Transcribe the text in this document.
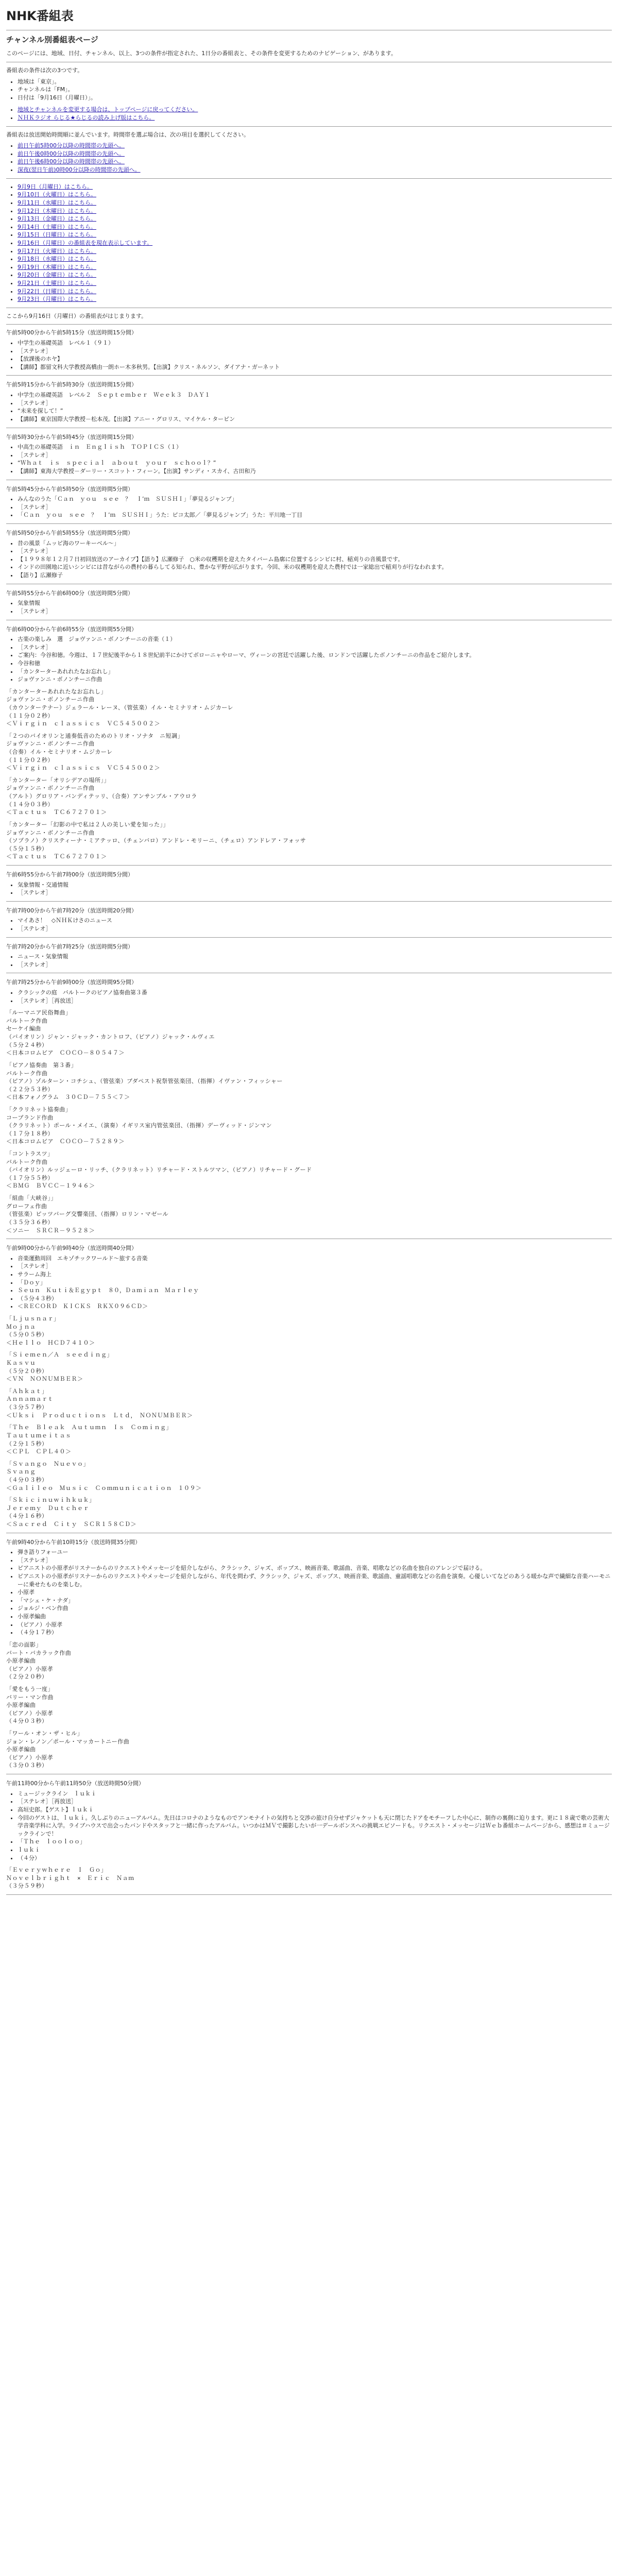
NHK番組表
チャンネル別番組表ページ

このページには、地域、日付、チャンネル、以上、3つの条件が指定された、1日分の番組表と、その条件を変更するためのナビゲーション、があります。

番組表の条件は次の3つです。

• 地域は「東京」。
• チャンネルは「FM」。
• 日付は「9月16日（月曜日）」。
• 地域とチャンネルを変更する場合は、トップページに戻ってください。
• ＮＨＫラジオ らじる★らじるの読み上げ版はこちら。

番組表は放送開始時間順に並んでいます。時間帯を選ぶ場合は、次の項目を選択してください。

• 前日午前5時00分以降の時間帯の先頭へ。
• 前日午後0時00分以降の時間帯の先頭へ。
• 前日午後6時00分以降の時間帯の先頭へ。
• 深夜(翌日午前)0時00分以降の時間帯の先頭へ。
• 9月9日（月曜日）はこちら。
• 9月10日（火曜日）はこちら。
• 9月11日（水曜日）はこちら。
• 9月12日（木曜日）はこちら。
• 9月13日（金曜日）はこちら。
• 9月14日（土曜日）はこちら。
• 9月15日（日曜日）はこちら。
• 9月16日（月曜日）の番組表を現在表示しています。
• 9月17日（火曜日）はこちら。
• 9月18日（水曜日）はこちら。
• 9月19日（木曜日）はこちら。
• 9月20日（金曜日）はこちら。
• 9月21日（土曜日）はこちら。
• 9月22日（日曜日）はこちら。
• 9月23日（月曜日）はこちら。

ここから9月16日（月曜日）の番組表がはじまります。

午前5時00分から午前5時15分（放送時間15分間）

• 中学生の基礎英語　レベル１（９１）
• ［ステレオ］
• 【放課後のホヤ】
• 【講師】都留文科大学教授高橋由一朗ホー木多秋男。【出演】クリス・ネルソン、ダイアナ・ガーネット

午前5時15分から午前5時30分（放送時間15分間）

• 中学生の基礎英語　レベル２　Ｓｅｐｔｅｍｂｅｒ　Ｗｅｅｋ３　ＤＡＹ１
• ［ステレオ］
• “未来を探して！”
• 【講師】東京国際大学教授－松本茂。【出演】アニー・グロリス、マイケル・ターピン

午前5時30分から午前5時45分（放送時間15分間）

• 中高生の基礎英語　ｉｎ　Ｅｎｇｌｉｓｈ　ＴＯＰＩＣＳ（１）
• ［ステレオ］
• “Ｗｈａｔ　ｉｓ　ｓｐｅｃｉａｌ　ａｂｏｕｔ　ｙｏｕｒ　ｓｃｈｏｏｌ？”
• 【講師】東海大学教授－ダーリー・スコット・フィーン。【出演】サンディ・スカイ、古田和乃

午前5時45分から午前5時50分（放送時間5分間）

• みんなのうた「Ｃａｎ　ｙｏｕ　ｓｅｅ　？　Ｉ’ｍ　ＳＵＳＨＩ」「夢見るジャンプ」
• ［ステレオ］
• 「Ｃａｎ　ｙｏｕ　ｓｅｅ　？　Ｉ’ｍ　ＳＵＳＨＩ」うた：ピコ太郎／「夢見るジャンプ」うた：平川地一丁目

午前5時50分から午前5時55分（放送時間5分間）

• 昔の風景「ムッピ海のワーキーベル～」
• ［ステレオ］
• 【１９９８年１２月７日初回放送のアーカイブ】【語り】広瀬修子　○米の収穫期を迎えたタイバーム島廓に位置するシンビに村、稲刈りの音風景です。
• インドの田園地に近いシンビには昔ながらの農村の暮らしてる知られ、豊かな平野が広がります。今回、米の収穫期を迎えた農村では一家総出で稲刈りが行なわれます。
• 【語り】広瀬修子

午前5時55分から午前6時00分（放送時間5分間）

• 気象情報
• ［ステレオ］

午前6時00分から午前6時55分（放送時間55分間）

• 古楽の楽しみ　選　ジョヴァンニ・ボノンチーニの音楽（１）
• ［ステレオ］
• ご案内：今谷和徳。今週は、１７世紀後半から１８世紀前半にかけてボローニャやローマ、ヴィーンの宮廷で活躍した後、ロンドンで活躍したボノンチーニの作品をご紹介します。
• 今谷和徳
• 「カンターターあれれたなお忘れし」
• ジョヴァンニ・ボノンチーニ作曲
「カンターターあれれたなお忘れし」
ジョヴァンニ・ボノンチーニ作曲
（カウンターテナー）ジェラール・レーヌ、（管弦楽）イル・セミナリオ・ムジカーレ
（１１分０２秒）
＜Ｖｉｒｇｉｎ　ｃｌａｓｓｉｃｓ　ＶＣ５４５００２＞
「２つのバイオリンと通奏低音のためのトリオ・ソナタ　ニ短調」
ジョヴァンニ・ボノンチーニ作曲
（合奏）イル・セミナリオ・ムジカーレ
（１１分０２秒）
＜Ｖｉｒｇｉｎ　ｃｌａｓｓｉｃｓ　ＶＣ５４５００２＞
「カンターター「オリシデアの場所」」
ジョヴァンニ・ボノンチーニ作曲
（アルト）グロリア・バンディテッリ、（合奏）アンサンブル・アウロラ
（１４分０３秒）
＜Ｔａｃｔｕｓ　ＴＣ６７２７０１＞
「カンターター「幻影の中で私は２人の美しい愛を知った」」
ジョヴァンニ・ボノンチーニ作曲
（ソプラノ）クリスティーナ・ミアテッロ、（チェンバロ）アンドレ・モリーニ、（チェロ）アンドレア・フォッサ
（５分１５秒）
＜Ｔａｃｔｕｓ　ＴＣ６７２７０１＞

午前6時55分から午前7時00分（放送時間5分間）

• 気象情報・交通情報
• ［ステレオ］

午前7時00分から午前7時20分（放送時間20分間）

• マイあさ！　◇ＮＨＫけさのニュース
• ［ステレオ］

午前7時20分から午前7時25分（放送時間5分間）

• ニュース・気象情報
• ［ステレオ］

午前7時25分から午前9時00分（放送時間95分間）

• クラシックの庭　バルトークのピアノ協奏曲第３番
• ［ステレオ］［再放送］
「ルーマニア民俗舞曲」
バルトーク作曲
セーケイ編曲
（バイオリン）ジャン・ジャック・カントロフ、（ピアノ）ジャック・ルヴィエ
（５分２４秒）
＜日本コロムビア　ＣＯＣＯ－８０５４７＞
「ピアノ協奏曲　第３番」
バルトーク作曲
（ピアノ）ゾルターン・コチシュ、（管弦楽）ブダペスト祝祭管弦楽団、（指揮）イヴァン・フィッシャー
（２２分５３秒）
＜日本フォノグラム　３０ＣＤ－７５５＜７＞
「クラリネット協奏曲」
コープランド作曲
（クラリネット）ポール・メイエ、（演奏）イギリス室内管弦楽団、（指揮）デーヴィッド・ジンマン
（１７分１８秒）
＜日本コロムビア　ＣＯＣＯ－７５２８９＞
「コントラスツ」
バルトーク作曲
（バイオリン）ルッジェーロ・リッチ、（クラリネット）リチャード・ストルツマン、（ピアノ）リチャード・グード
（１７分５５秒）
＜ＢＭＧ　ＢＶＣＣ－１９４６＞
「組曲「大峡谷」」
グローフェ作曲
（管弦楽）ピッツバーグ交響楽団、（指揮）ロリン・マゼール
（３５分３６秒）
＜ソニー　ＳＲＣＲ－９５２８＞

午前9時00分から午前9時40分（放送時間40分間）

• 音楽運動周回　エキゾチックワールド～旅する音楽
• ［ステレオ］
• サラーム海上
• 「Ｄｏｙ」
• Ｓｅｕｎ　Ｋｕｔｉ＆Ｅｇｙｐｔ　８０，Ｄａｍｉａｎ　Ｍａｒｌｅｙ
• （５分４３秒）
• ＜ＲＥＣＯＲＤ　ＫＩＣＫＳ　ＲＫＸ０９６ＣＤ＞
「Ｌｊｕｓｎａｒ」
Ｍｏｊｎａ
（５分０５秒）
＜Ｈｅｌｌｏ　ＨＣＤ７４１０＞
「Ｓｉｅｍｅｎ／Ａ　ｓｅｅｄｉｎｇ」
Ｋａｓｖｕ
（５分２０秒）
＜ＶＮ　ＮＯＮＵＭＢＥＲ＞
「Ａｈｋａｔ」
Ａｎｎａｍａｒｔ
（３分５７秒）
＜Ｕｋｓｉ　Ｐｒｏｄｕｃｔｉｏｎｓ　Ｌｔｄ，　ＮＯＮＵＭＢＥＲ＞
「Ｔｈｅ　Ｂｌｅａｋ　Ａｕｔｕｍｎ　Ｉｓ　Ｃｏｍｉｎｇ」
Ｔａｕｔｕｍｅｉｔａｓ
（２分１５秒）
＜ＣＰＬ　ＣＰＬ４０＞
「Ｓｖａｎｇｏ　Ｎｕｅｖｏ」
Ｓｖａｎｇ
（４分０３秒）
＜Ｇａｌｉｌｅｏ　Ｍｕｓｉｃ　Ｃｏｍｍｕｎｉｃａｔｉｏｎ　１０９＞
「Ｓｋｉｃｉｎｕｗｉｈｋｕｋ」
Ｊｅｒｅｍｙ　Ｄｕｔｃｈｅｒ
（４分１６秒）
＜Ｓａｃｒｅｄ　Ｃｉｔｙ　ＳＣＲ１５８ＣＤ＞

午前9時40分から午前10時15分（放送時間35分間）

• 弾き語りフォーユー
• ［ステレオ］
• ピアニストの小原孝がリスナーからのリクエストやメッセージを紹介しながら、クラシック、ジャズ、ポップス、映画音楽、歌謡曲、音楽、唱歌などの名曲を独自のアレンジで届ける。
• ピアニストの小原孝がリスナーからのリクエストやメッセージを紹介しながら、年代を問わず、クラシック、ジャズ、ポップス、映画音楽、歌謡曲、童謡唱歌などの名曲を演奏。心優しいてなどのあうる暖かな声で繊細な音楽ハーモニーに乗せたものを楽しむ。
• 小原孝
• 「マシェ・ケ・ナダ」
• ジョルジ・ベン作曲
• 小原孝編曲
• （ピアノ）小原孝
• （４分１７秒）
「恋の面影」
バート・バカラック作曲
小原孝編曲
（ピアノ）小原孝
（２分２０秒）
「愛をもう一度」
バリー・マン作曲
小原孝編曲
（ピアノ）小原孝
（４分０３秒）
「ワール・オン・ザ・ヒル」
ジョン・レノン／ポール・マッカートニー作曲
小原孝編曲
（ピアノ）小原孝
（３分０３秒）

午前11時00分から午前11時50分（放送時間50分間）

• ミュージックライン　ｌｕｋｉ
• ［ステレオ］［再放送］
• 高垣史郎。【ゲスト】ｌｕｋｉ
• 今回のゲストは、ｌｕｋｉ。久しぶりのニューアルバム。先日はコロナのようなものでアンモナイトの気持ちと交渉の旅け自分せずジャケットも天に閉じたドアをモチーフした中心に、制作の裏側に迫ります。更に１８歳で歌の芸術大学音楽学科に入学。ライブハウスで出会ったバンドやスタッフと一緒に作ったアルバム。いつかはＭＶで撮影したいが一デールボンスへの挑戦エピソードも。リクエスト・メッセージはＷｅｂ番組ホームページから、感想は＃ミュージックラインで！
• 「Ｔｈｅ　ｌｏｏｌｏｏ」
• ｌｕｋｉ
• （４分）
「Ｅｖｅｒｙｗｈｅｒｅ　Ｉ　Ｇｏ」
Ｎｏｖｅｌｂｒｉｇｈｔ　×　Ｅｒｉｃ　Ｎａｍ
（３分５９秒）
